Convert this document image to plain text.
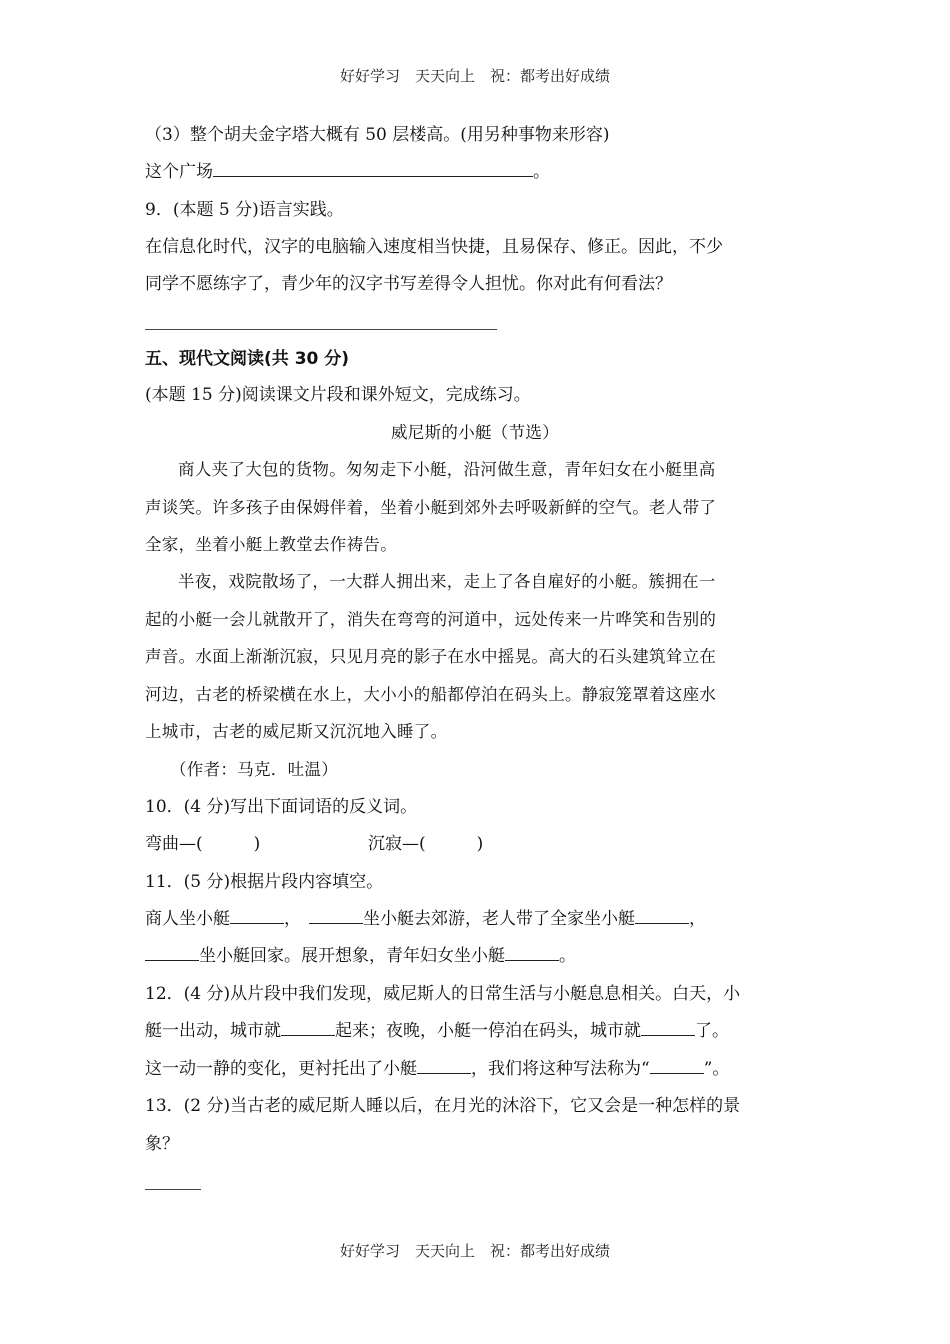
好好学习　天天向上　祝：都考出好成绩
（3）整个胡夫金字塔大概有 50 层楼高。(用另种事物来形容)
这个广场	。
9．(本题 5 分)语言实践。
在信息化时代，汉字的电脑输入速度相当快捷，且易保存、修正。因此，不少
同学不愿练字了，青少年的汉字书写差得令人担忧。你对此有何看法？
五、现代文阅读(共 30 分)
(本题 15 分)阅读课文片段和课外短文，完成练习。
威尼斯的小艇（节选）
商人夹了大包的货物。匆匆走下小艇，沿河做生意，青年妇女在小艇里高
声谈笑。许多孩子由保姆伴着，坐着小艇到郊外去呼吸新鲜的空气。老人带了
全家，坐着小艇上教堂去作祷告。
半夜，戏院散场了，一大群人拥出来，走上了各自雇好的小艇。簇拥在一
起的小艇一会儿就散开了，消失在弯弯的河道中，远处传来一片哗笑和告别的
声音。水面上渐渐沉寂，只见月亮的影子在水中摇晃。高大的石头建筑耸立在
河边，古老的桥梁横在水上，大小小的船都停泊在码头上。静寂笼罩着这座水
上城市，古老的威尼斯又沉沉地入睡了。
（作者：马克．吐温）
10．(4 分)写出下面词语的反义词。
弯曲—(　　　)	沉寂—(　　　)
11．(5 分)根据片段内容填空。
商人坐小艇	，	坐小艇去郊游，老人带了全家坐小艇	，
坐小艇回家。展开想象，青年妇女坐小艇	。
12．(4 分)从片段中我们发现，威尼斯人的日常生活与小艇息息相关。白天，小
艇一出动，城市就	起来；夜晚，小艇一停泊在码头，城市就	了。
这一动一静的变化，更衬托出了小艇	，我们将这种写法称为“	”。
13．(2 分)当古老的威尼斯人睡以后，在月光的沐浴下，它又会是一种怎样的景
象？
好好学习　天天向上　祝：都考出好成绩
